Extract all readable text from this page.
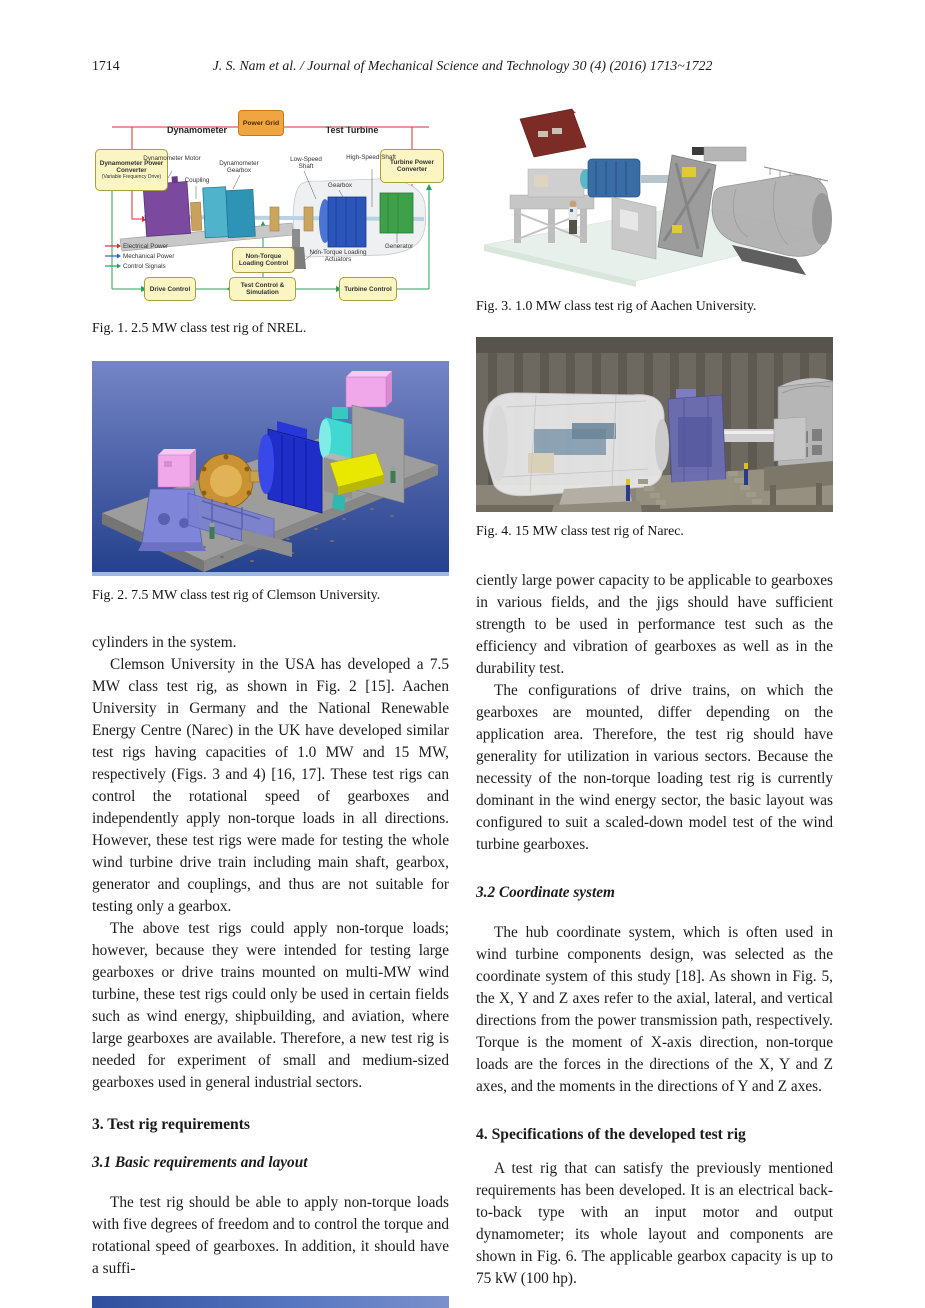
1714	J. S. Nam et al. / Journal of Mechanical Science and Technology 30 (4) (2016) 1713~1722
Dynamometer	Test Turbine
Power Grid
Dynamometer Power Converter
(Variable Frequency Drive)
Turbine Power Converter
Non-Torque Loading Control
Drive Control	Test Control & Simulation	Turbine Control
Dynamometer Motor
Coupling
Dynamometer Gearbox
Low-Speed Shaft
High-Speed Shaft
Gearbox
Non-Torque Loading Actuators
Generator
Electrical Power
Mechanical Power
Control Signals
Fig. 1. 2.5 MW class test rig of NREL.
Fig. 2. 7.5 MW class test rig of Clemson University.

cylinders in the system.

Clemson University in the USA has developed a 7.5 MW class test rig, as shown in Fig. 2 [15]. Aachen University in Germany and the National Renewable Energy Centre (Narec) in the UK have developed similar test rigs having capacities of 1.0 MW and 15 MW, respectively (Figs. 3 and 4) [16, 17]. These test rigs can control the rotational speed of gearboxes and independently apply non-torque loads in all directions. However, these test rigs were made for testing the whole wind turbine drive train including main shaft, gearbox, generator and couplings, and thus are not suitable for testing only a gearbox.

The above test rigs could apply non-torque loads; however, because they were intended for testing large gearboxes or drive trains mounted on multi-MW wind turbine, these test rigs could only be used in certain fields such as wind energy, shipbuilding, and aviation, where large gearboxes are available. Therefore, a new test rig is needed for experiment of small and medium-sized gearboxes used in general industrial sectors.

3. Test rig requirements
3.1 Basic requirements and layout

The test rig should be able to apply non-torque loads with five degrees of freedom and to control the torque and rotational speed of gearboxes. In addition, it should have a suffi-

Fig. 3. 1.0 MW class test rig of Aachen University.
Fig. 4. 15 MW class test rig of Narec.

ciently large power capacity to be applicable to gearboxes in various fields, and the jigs should have sufficient strength to be used in performance test such as the efficiency and vibration of gearboxes as well as in the durability test.

The configurations of drive trains, on which the gearboxes are mounted, differ depending on the application area. Therefore, the test rig should have generality for utilization in various sectors. Because the necessity of the non-torque loading test rig is currently dominant in the wind energy sector, the basic layout was configured to suit a scaled-down model test of the wind turbine gearboxes.

3.2 Coordinate system

The hub coordinate system, which is often used in wind turbine components design, was selected as the coordinate system of this study [18]. As shown in Fig. 5, the X, Y and Z axes refer to the axial, lateral, and vertical directions from the power transmission path, respectively. Torque is the moment of X-axis direction, non-torque loads are the forces in the directions of the X, Y and Z axes, and the moments in the directions of Y and Z axes.

4. Specifications of the developed test rig

A test rig that can satisfy the previously mentioned requirements has been developed. It is an electrical back-to-back type with an input motor and output dynamometer; its whole layout and components are shown in Fig. 6. The applicable gearbox capacity is up to 75 kW (100 hp).
